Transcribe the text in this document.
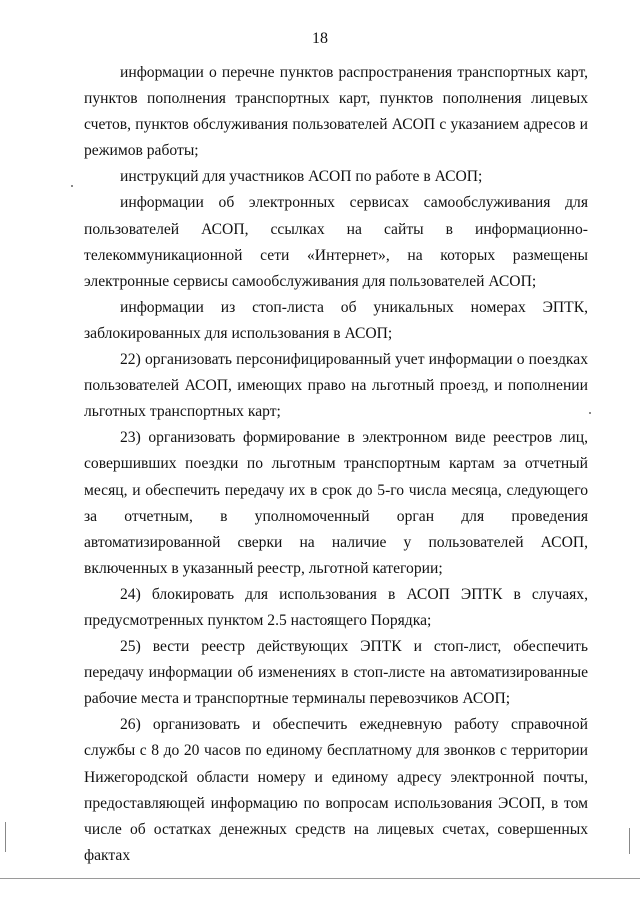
18

информации о перечне пунктов распространения транспортных карт, пунктов пополнения транспортных карт, пунктов пополнения лицевых счетов, пунктов обслуживания пользователей АСОП с указанием адресов и режимов работы;

инструкций для участников АСОП по работе в АСОП;

информации об электронных сервисах самообслуживания для пользователей АСОП, ссылках на сайты в информационно-телекоммуникационной сети «Интернет», на которых размещены электронные сервисы самообслуживания для пользователей АСОП;

информации из стоп-листа об уникальных номерах ЭПТК, заблокированных для использования в АСОП;

22) организовать персонифицированный учет информации о поездках пользователей АСОП, имеющих право на льготный проезд, и пополнении льготных транспортных карт;

23) организовать формирование в электронном виде реестров лиц, совершивших поездки по льготным транспортным картам за отчетный месяц, и обеспечить передачу их в срок до 5-го числа месяца, следующего за отчетным, в уполномоченный орган для проведения автоматизированной сверки на наличие у пользователей АСОП, включенных в указанный реестр, льготной категории;

24) блокировать для использования в АСОП ЭПТК в случаях, предусмотренных пунктом 2.5 настоящего Порядка;

25) вести реестр действующих ЭПТК и стоп-лист, обеспечить передачу информации об изменениях в стоп-листе на автоматизированные рабочие места и транспортные терминалы перевозчиков АСОП;

26) организовать и обеспечить ежедневную работу справочной службы с 8 до 20 часов по единому бесплатному для звонков с территории Нижегородской области номеру и единому адресу электронной почты, предоставляющей информацию по вопросам использования ЭСОП, в том числе об остатках денежных средств на лицевых счетах, совершенных фактах
